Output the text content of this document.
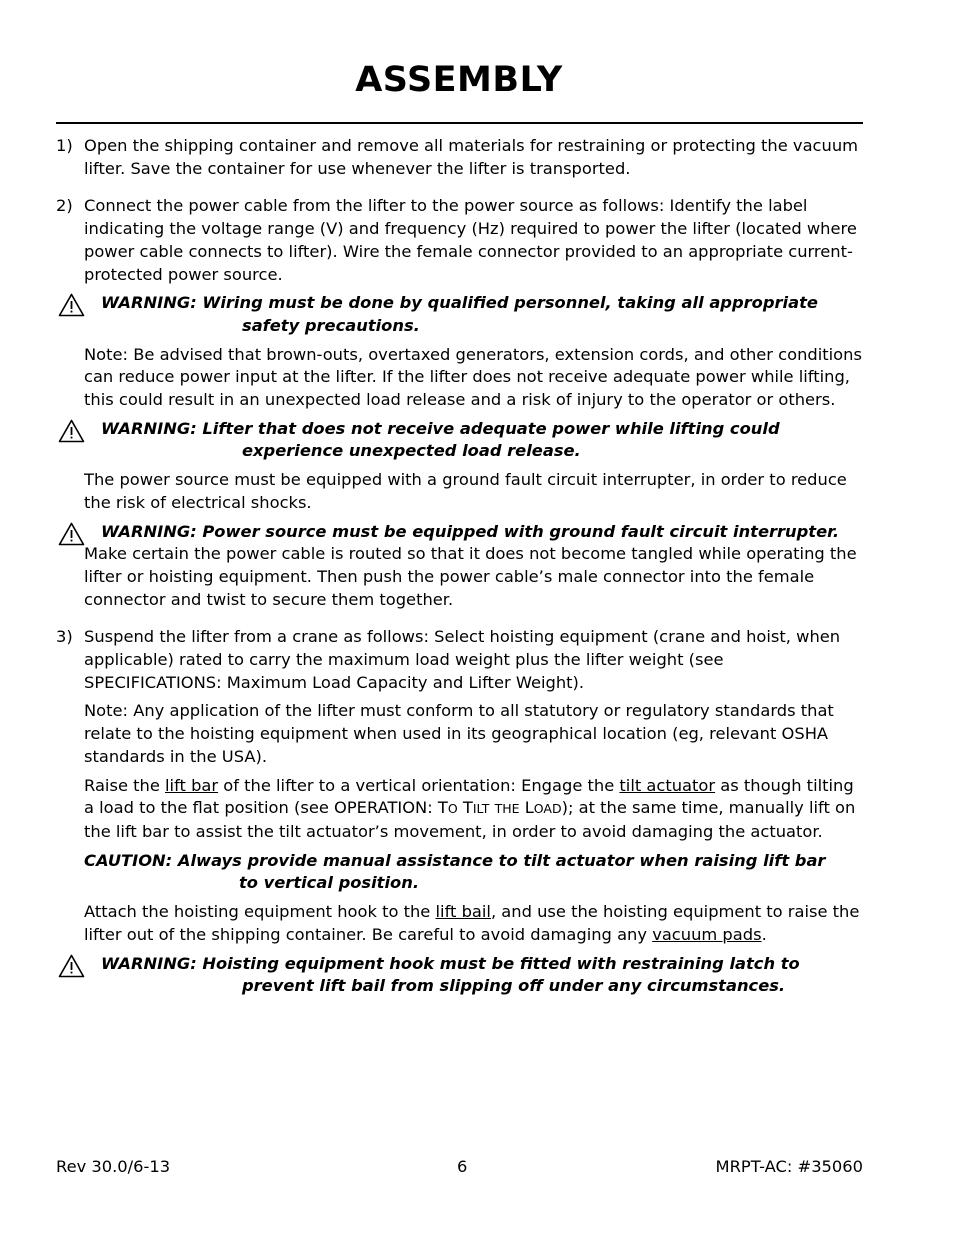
ASSEMBLY
1) Open the shipping container and remove all materials for restraining or protecting the vacuum lifter. Save the container for use whenever the lifter is transported.

2) Connect the power cable from the lifter to the power source as follows: Identify the label indicating the voltage range (V) and frequency (Hz) required to power the lifter (located where power cable connects to lifter). Wire the female connector provided to an appropriate current-protected power source.

WARNING: Wiring must be done by qualified personnel, taking all appropriate
safety precautions.

Note: Be advised that brown-outs, overtaxed generators, extension cords, and other conditions can reduce power input at the lifter. If the lifter does not receive adequate power while lifting, this could result in an unexpected load release and a risk of injury to the operator or others.

WARNING: Lifter that does not receive adequate power while lifting could
experience unexpected load release.

The power source must be equipped with a ground fault circuit interrupter, in order to reduce the risk of electrical shocks.

WARNING: Power source must be equipped with ground fault circuit interrupter.

Make certain the power cable is routed so that it does not become tangled while operating the lifter or hoisting equipment. Then push the power cable’s male connector into the female connector and twist to secure them together.

3) Suspend the lifter from a crane as follows: Select hoisting equipment (crane and hoist, when applicable) rated to carry the maximum load weight plus the lifter weight (see SPECIFICATIONS: Maximum Load Capacity and Lifter Weight).

Note: Any application of the lifter must conform to all statutory or regulatory standards that relate to the hoisting equipment when used in its geographical location (eg, relevant OSHA standards in the USA).

Raise the lift bar of the lifter to a vertical orientation: Engage the tilt actuator as though tilting a load to the flat position (see OPERATION: TO TILT THE LOAD); at the same time, manually lift on the lift bar to assist the tilt actuator’s movement, in order to avoid damaging the actuator.

CAUTION: Always provide manual assistance to tilt actuator when raising lift bar
to vertical position.

Attach the hoisting equipment hook to the lift bail, and use the hoisting equipment to raise the lifter out of the shipping container. Be careful to avoid damaging any vacuum pads.

WARNING: Hoisting equipment hook must be fitted with restraining latch to
prevent lift bail from slipping off under any circumstances.
Rev 30.0/6-13	6	MRPT-AC: #35060
